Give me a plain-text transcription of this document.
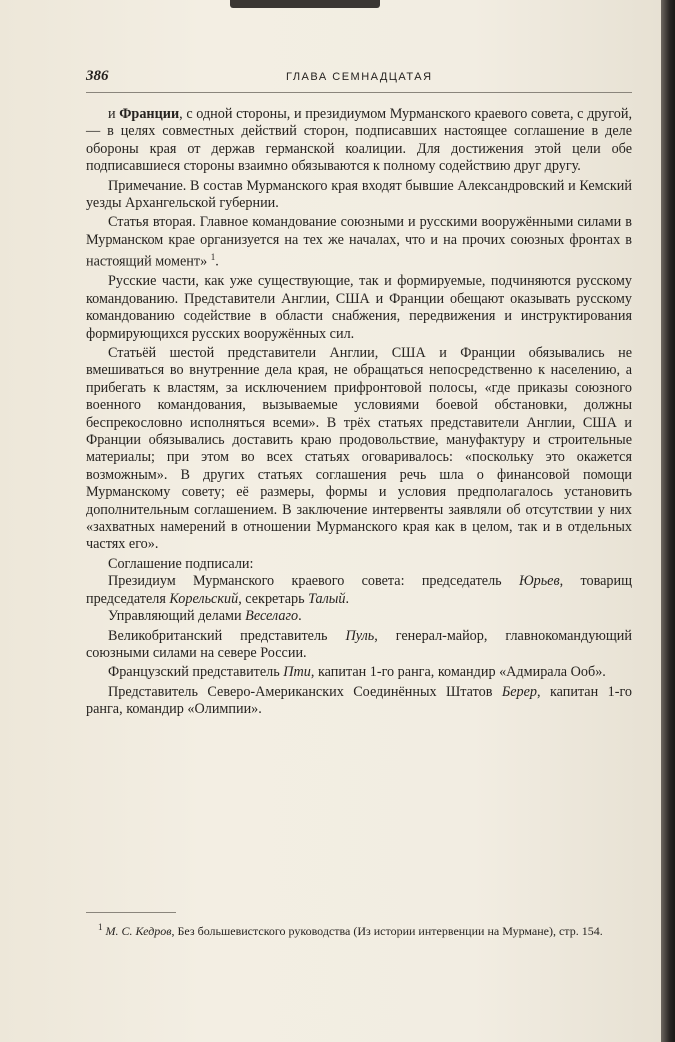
386	ГЛАВА СЕМНАДЦАТАЯ

и Франции, с одной стороны, и президиумом Мурманского краевого совета, с другой, — в целях совместных действий сторон, подписавших настоящее соглашение в деле обороны края от держав германской коалиции. Для достижения этой цели обе подписавшиеся стороны взаимно обязываются к полному содействию друг другу.

Примечание. В состав Мурманского края входят бывшие Александровский и Кемский уезды Архангельской губернии.

Статья вторая. Главное командование союзными и русскими вооружёнными силами в Мурманском крае организуется на тех же началах, что и на прочих союзных фронтах в настоящий момент» $^1$.

Русские части, как уже существующие, так и формируемые, подчиняются русскому командованию. Представители Англии, США и Франции обещают оказывать русскому командованию содействие в области снабжения, передвижения и инструктирования формирующихся русских вооружённых сил.

Статьёй шестой представители Англии, США и Франции обязывались не вмешиваться во внутренние дела края, не обращаться непосредственно к населению, а прибегать к властям, за исключением прифронтовой полосы, «где приказы союзного военного командования, вызываемые условиями боевой обстановки, должны беспрекословно исполняться всеми». В трёх статьях представители Англии, США и Франции обязывались доставить краю продовольствие, мануфактуру и строительные материалы; при этом во всех статьях оговаривалось: «поскольку это окажется возможным». В других статьях соглашения речь шла о финансовой помощи Мурманскому совету; её размеры, формы и условия предполагалось установить дополнительным соглашением. В заключение интервенты заявляли об отсутствии у них «захватных намерений в отношении Мурманского края как в целом, так и в отдельных частях его».

Соглашение подписали:

Президиум Мурманского краевого совета: председатель Юрьев, товарищ председателя Корельский, секретарь Талый.

Управляющий делами Веселаго.

Великобританский представитель Пуль, генерал-майор, главнокомандующий союзными силами на севере России.

Французский представитель Пти, капитан 1-го ранга, командир «Адмирала Ооб».

Представитель Северо-Американских Соединённых Штатов Берер, капитан 1-го ранга, командир «Олимпии».

$^1$ М. С. Кедров, Без большевистского руководства (Из истории интервенции на Мурмане), стр. 154.
